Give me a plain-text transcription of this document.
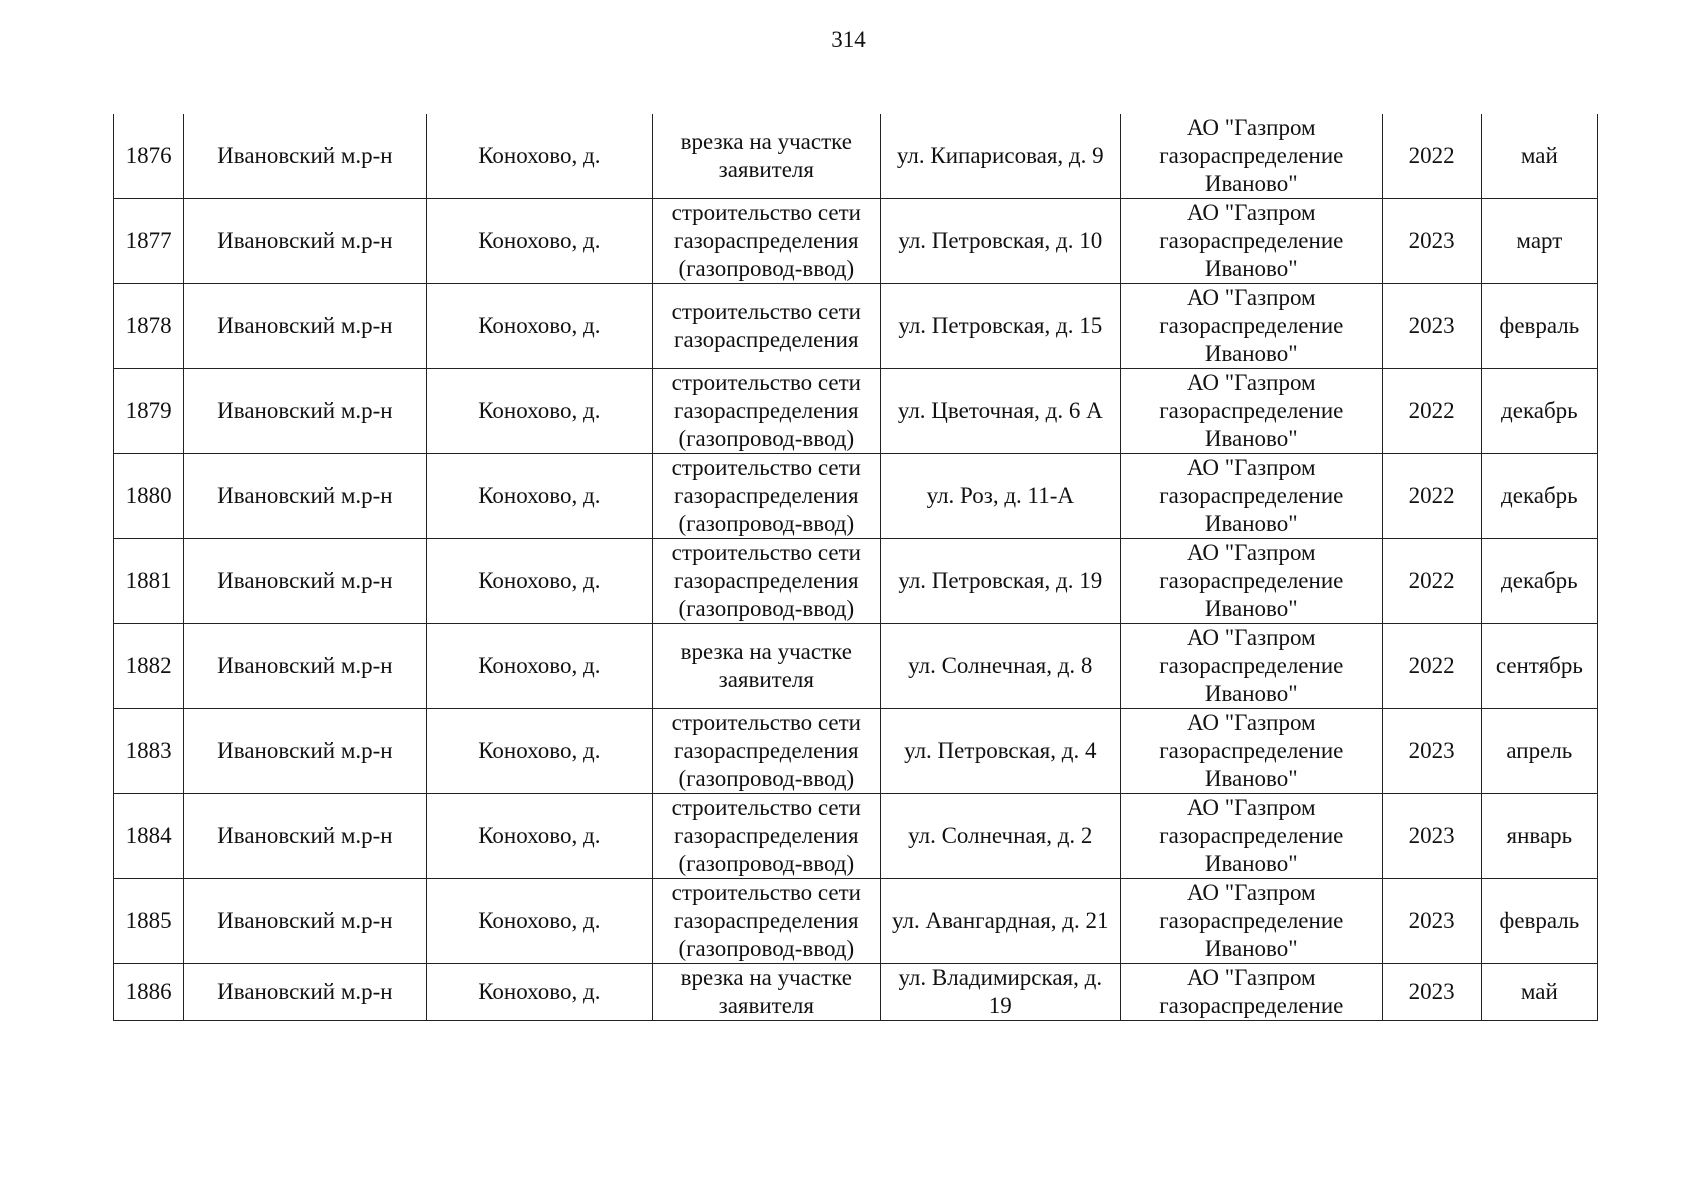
314
1876	Ивановский м.р-н	Конохово, д.	врезка на участке заявителя	ул. Кипарисовая, д. 9	АО "Газпром газораспределение Иваново"	2022	май
1877	Ивановский м.р-н	Конохово, д.	строительство сети газораспределения (газопровод-ввод)	ул. Петровская, д. 10	АО "Газпром газораспределение Иваново"	2023	март
1878	Ивановский м.р-н	Конохово, д.	строительство сети газораспределения	ул. Петровская, д. 15	АО "Газпром газораспределение Иваново"	2023	февраль
1879	Ивановский м.р-н	Конохово, д.	строительство сети газораспределения (газопровод-ввод)	ул. Цветочная, д. 6 А	АО "Газпром газораспределение Иваново"	2022	декабрь
1880	Ивановский м.р-н	Конохово, д.	строительство сети газораспределения (газопровод-ввод)	ул. Роз, д. 11-А	АО "Газпром газораспределение Иваново"	2022	декабрь
1881	Ивановский м.р-н	Конохово, д.	строительство сети газораспределения (газопровод-ввод)	ул. Петровская, д. 19	АО "Газпром газораспределение Иваново"	2022	декабрь
1882	Ивановский м.р-н	Конохово, д.	врезка на участке заявителя	ул. Солнечная, д. 8	АО "Газпром газораспределение Иваново"	2022	сентябрь
1883	Ивановский м.р-н	Конохово, д.	строительство сети газораспределения (газопровод-ввод)	ул. Петровская, д. 4	АО "Газпром газораспределение Иваново"	2023	апрель
1884	Ивановский м.р-н	Конохово, д.	строительство сети газораспределения (газопровод-ввод)	ул. Солнечная, д. 2	АО "Газпром газораспределение Иваново"	2023	январь
1885	Ивановский м.р-н	Конохово, д.	строительство сети газораспределения (газопровод-ввод)	ул. Авангардная, д. 21	АО "Газпром газораспределение Иваново"	2023	февраль
1886	Ивановский м.р-н	Конохово, д.	врезка на участке заявителя	ул. Владимирская, д. 19	АО "Газпром газораспределение	2023	май
